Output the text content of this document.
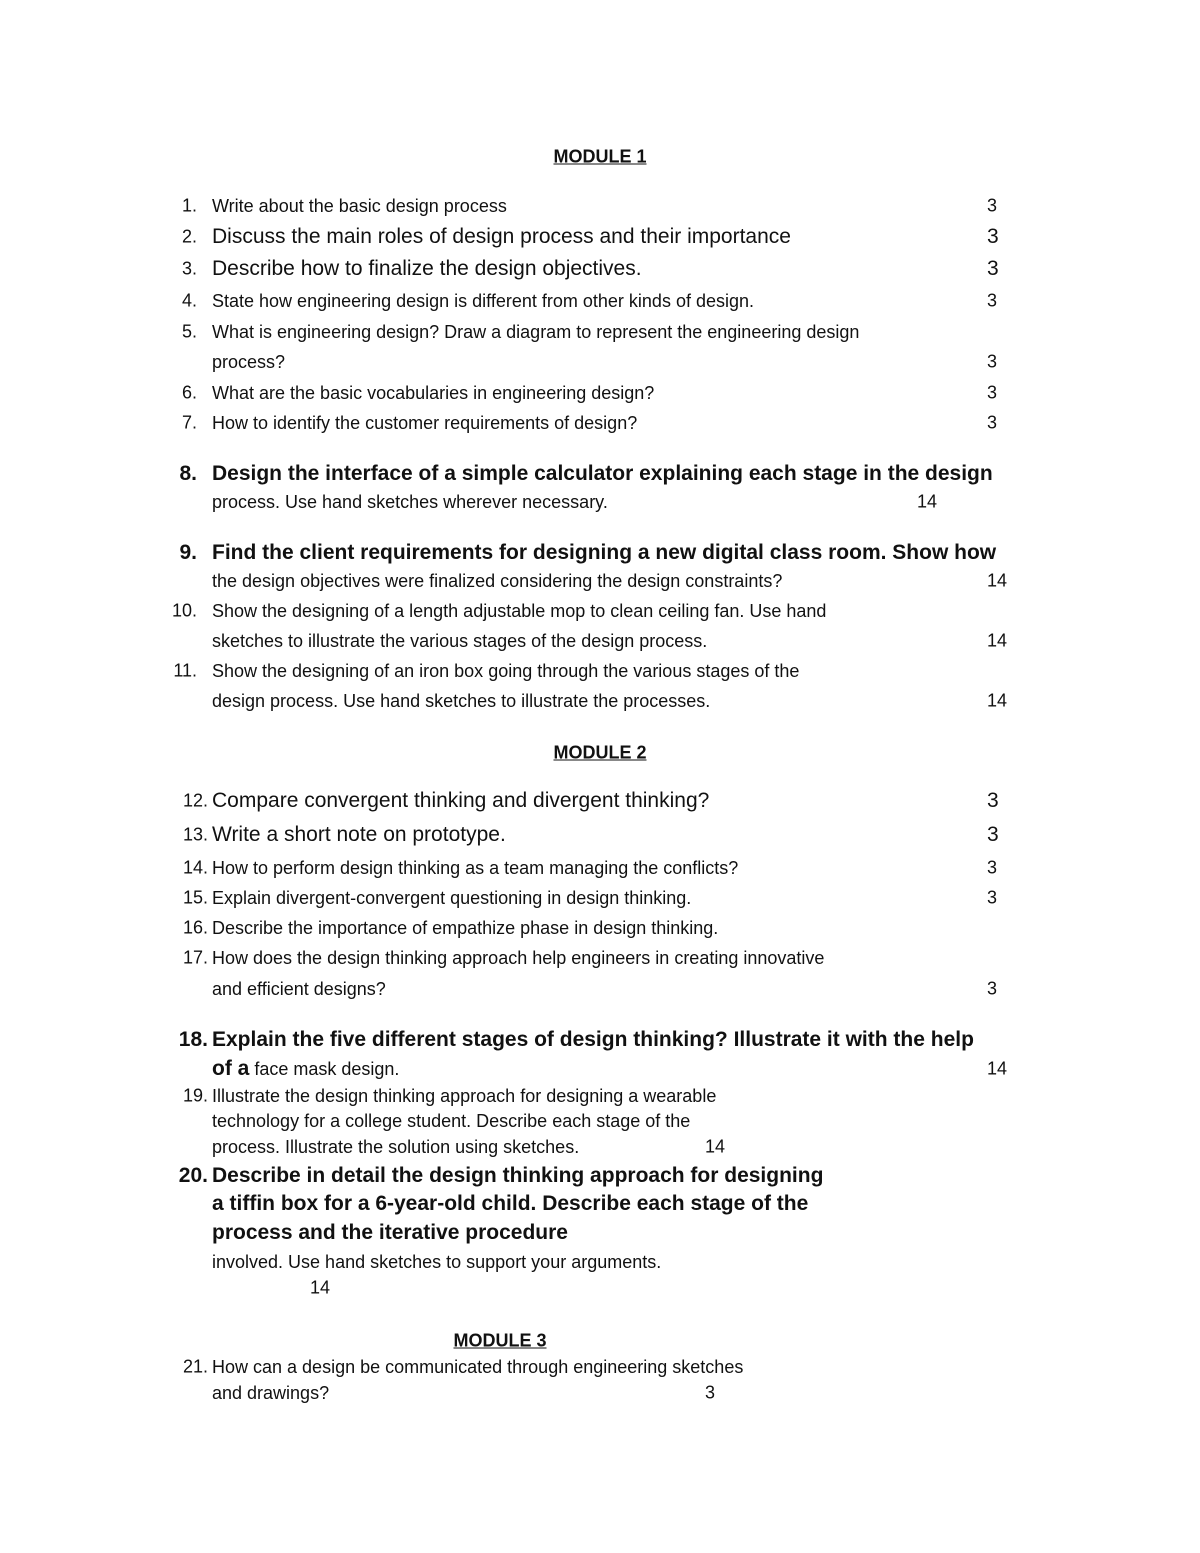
MODULE 1
1. Write about the basic design process	3
2. Discuss the main roles of design process and their importance	3
3. Describe how to finalize the design objectives.	3
4. State how engineering design is different from other kinds of design.	3
5. What is engineering design? Draw a diagram to represent the engineering design
process?	3
6. What are the basic vocabularies in engineering design?	3
7. How to identify the customer requirements of design?	3
8. Design the interface of a simple calculator explaining each stage in the design
process. Use hand sketches wherever necessary.	14
9. Find the client requirements for designing a new digital class room. Show how
the design objectives were finalized considering the design constraints?	14
10. Show the designing of a length adjustable mop to clean ceiling fan. Use hand
sketches to illustrate the various stages of the design process.	14
11. Show the designing of an iron box going through the various stages of the
design process. Use hand sketches to illustrate the processes.	14
MODULE 2
12. Compare convergent thinking and divergent thinking?	3
13. Write a short note on prototype.	3
14. How to perform design thinking as a team managing the conflicts?	3
15. Explain divergent-convergent questioning in design thinking.	3
16. Describe the importance of empathize phase in design thinking.
17. How does the design thinking approach help engineers in creating innovative
and efficient designs?	3
18. Explain the five different stages of design thinking? Illustrate it with the help
of a face mask design.	14
19. Illustrate the design thinking approach for designing a wearable
technology for a college student. Describe each stage of the
process. Illustrate the solution using sketches.	14
20. Describe in detail the design thinking approach for designing
a tiffin box for a 6-year-old child. Describe each stage of the
process and the iterative procedure
involved. Use hand sketches to support your arguments.
14
MODULE 3
21. How can a design be communicated through engineering sketches
and drawings?	3
